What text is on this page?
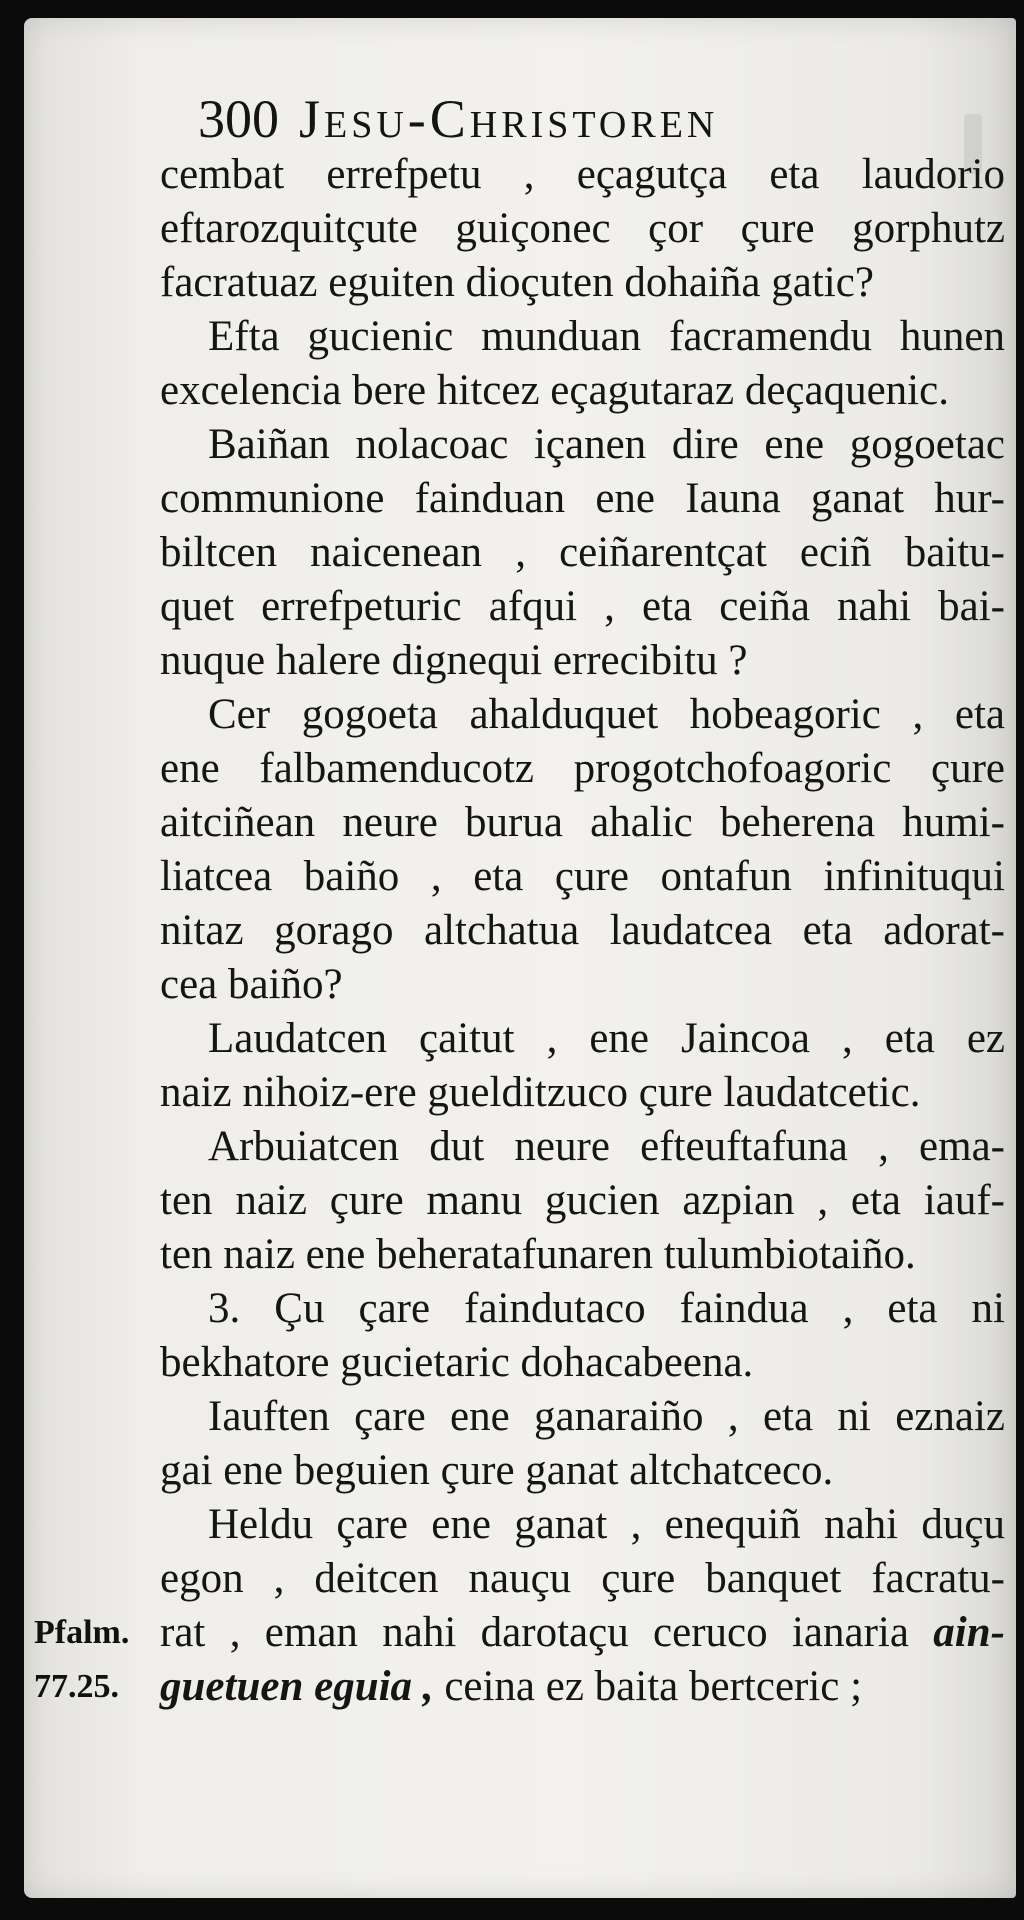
300 Jesu-Christoren
cembat errefpetu , eçagutça eta laudorio
eftarozquitçute guiçonec çor çure gorphutz
facratuaz eguiten dioçuten dohaiña gatic?
Efta gucienic munduan facramendu hunen
excelencia bere hitcez eçagutaraz deçaquenic.
Baiñan nolacoac içanen dire ene gogoetac
communione fainduan ene Iauna ganat hur-
biltcen naicenean , ceiñarentçat eciñ baitu-
quet errefpeturic afqui , eta ceiña nahi bai-
nuque halere dignequi errecibitu ?
Cer gogoeta ahalduquet hobeagoric , eta
ene falbamenducotz progotchofoagoric çure
aitciñean neure burua ahalic beherena humi-
liatcea baiño , eta çure ontafun infinituqui
nitaz gorago altchatua laudatcea eta adorat-
cea baiño?
Laudatcen çaitut , ene Jaincoa , eta ez
naiz nihoiz-ere guelditzuco çure laudatcetic.
Arbuiatcen dut neure efteuftafuna , ema-
ten naiz çure manu gucien azpian , eta iauf-
ten naiz ene beheratafunaren tulumbiotaiño.
3. Çu çare faindutaco faindua , eta ni
bekhatore gucietaric dohacabeena.
Iauften çare ene ganaraiño , eta ni eznaiz
gai ene beguien çure ganat altchatceco.
Heldu çare ene ganat , enequiñ nahi duçu
egon , deitcen nauçu çure banquet facratu-
rat , eman nahi darotaçu ceruco ianaria ain-
guetuen eguia , ceina ez baita bertceric ;
Pfalm.
77.25.
